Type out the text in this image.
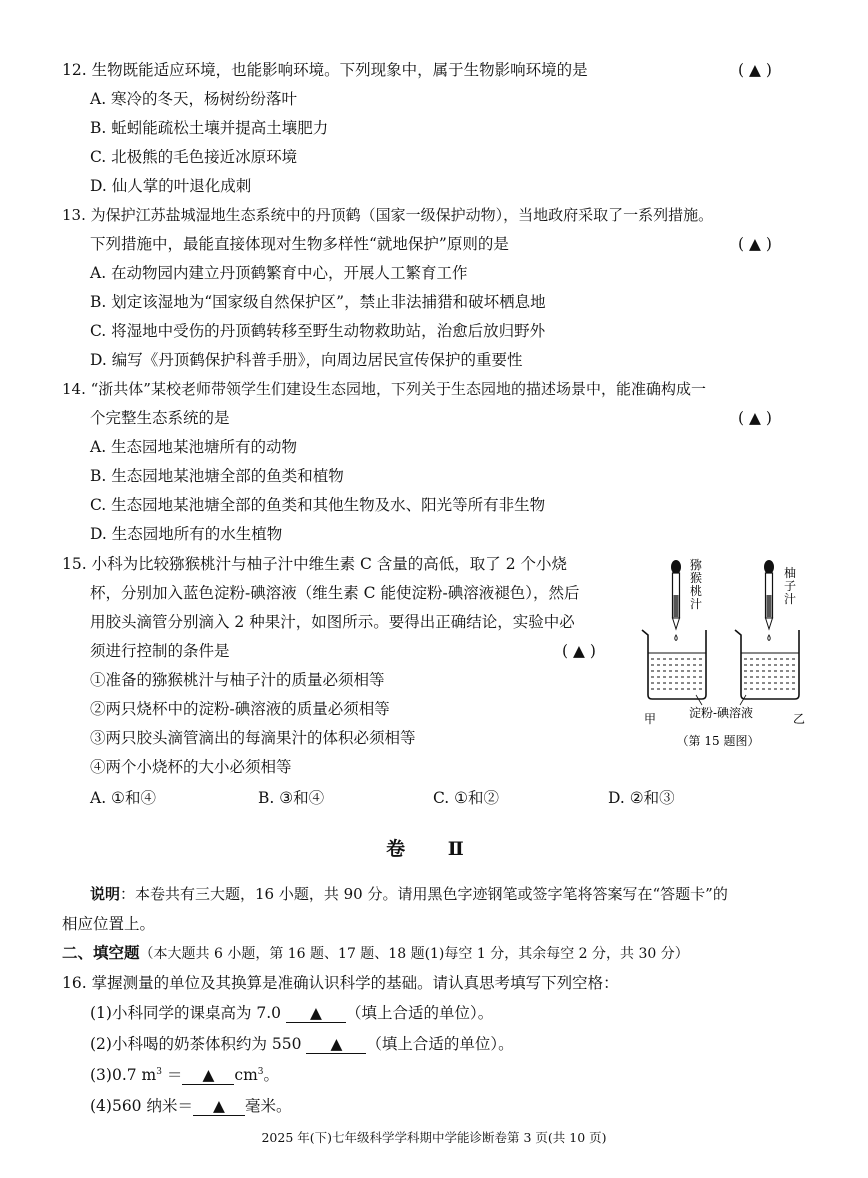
12. 生物既能适应环境，也能影响环境。下列现象中，属于生物影响环境的是	( ▲ )
A. 寒冷的冬天，杨树纷纷落叶
B. 蚯蚓能疏松土壤并提高土壤肥力
C. 北极熊的毛色接近冰原环境
D. 仙人掌的叶退化成刺
13. 为保护江苏盐城湿地生态系统中的丹顶鹤（国家一级保护动物），当地政府采取了一系列措施。
下列措施中，最能直接体现对生物多样性“就地保护”原则的是	( ▲ )
A. 在动物园内建立丹顶鹤繁育中心，开展人工繁育工作
B. 划定该湿地为“国家级自然保护区”，禁止非法捕猎和破坏栖息地
C. 将湿地中受伤的丹顶鹤转移至野生动物救助站，治愈后放归野外
D. 编写《丹顶鹤保护科普手册》，向周边居民宣传保护的重要性
14. “浙共体”某校老师带领学生们建设生态园地，下列关于生态园地的描述场景中，能准确构成一
个完整生态系统的是	( ▲ )
A. 生态园地某池塘所有的动物
B. 生态园地某池塘全部的鱼类和植物
C. 生态园地某池塘全部的鱼类和其他生物及水、阳光等所有非生物
D. 生态园地所有的水生植物
15. 小科为比较猕猴桃汁与柚子汁中维生素 C 含量的高低，取了 2 个小烧
杯，分别加入蓝色淀粉-碘溶液（维生素 C 能使淀粉-碘溶液褪色），然后
用胶头滴管分别滴入 2 种果汁，如图所示。要得出正确结论，实验中必
须进行控制的条件是	( ▲ )
①准备的猕猴桃汁与柚子汁的质量必须相等
②两只烧杯中的淀粉-碘溶液的质量必须相等
③两只胶头滴管滴出的每滴果汁的体积必须相等
④两个小烧杯的大小必须相等
A. ①和④	B. ③和④	C. ①和②	D. ②和③
猕猴桃汁
柚子汁
淀粉-碘溶液
甲	乙
（第 15 题图）
卷 Ⅱ
说明：本卷共有三大题，16 小题，共 90 分。请用黑色字迹钢笔或签字笔将答案写在“答题卡”的
相应位置上。
二、填空题（本大题共 6 小题，第 16 题、17 题、18 题(1)每空 1 分，其余每空 2 分，共 30 分）
16. 掌握测量的单位及其换算是准确认识科学的基础。请认真思考填写下列空格：
(1)小科同学的课桌高为 7.0 ▲ （填上合适的单位）。
(2)小科喝的奶茶体积约为 550 ▲ （填上合适的单位）。
(3)0.7 $m^3$ ＝ ▲ $cm^3$。
(4)560 纳米＝ ▲ 毫米。
2025 年(下)七年级科学学科期中学能诊断卷第 3 页(共 10 页)
